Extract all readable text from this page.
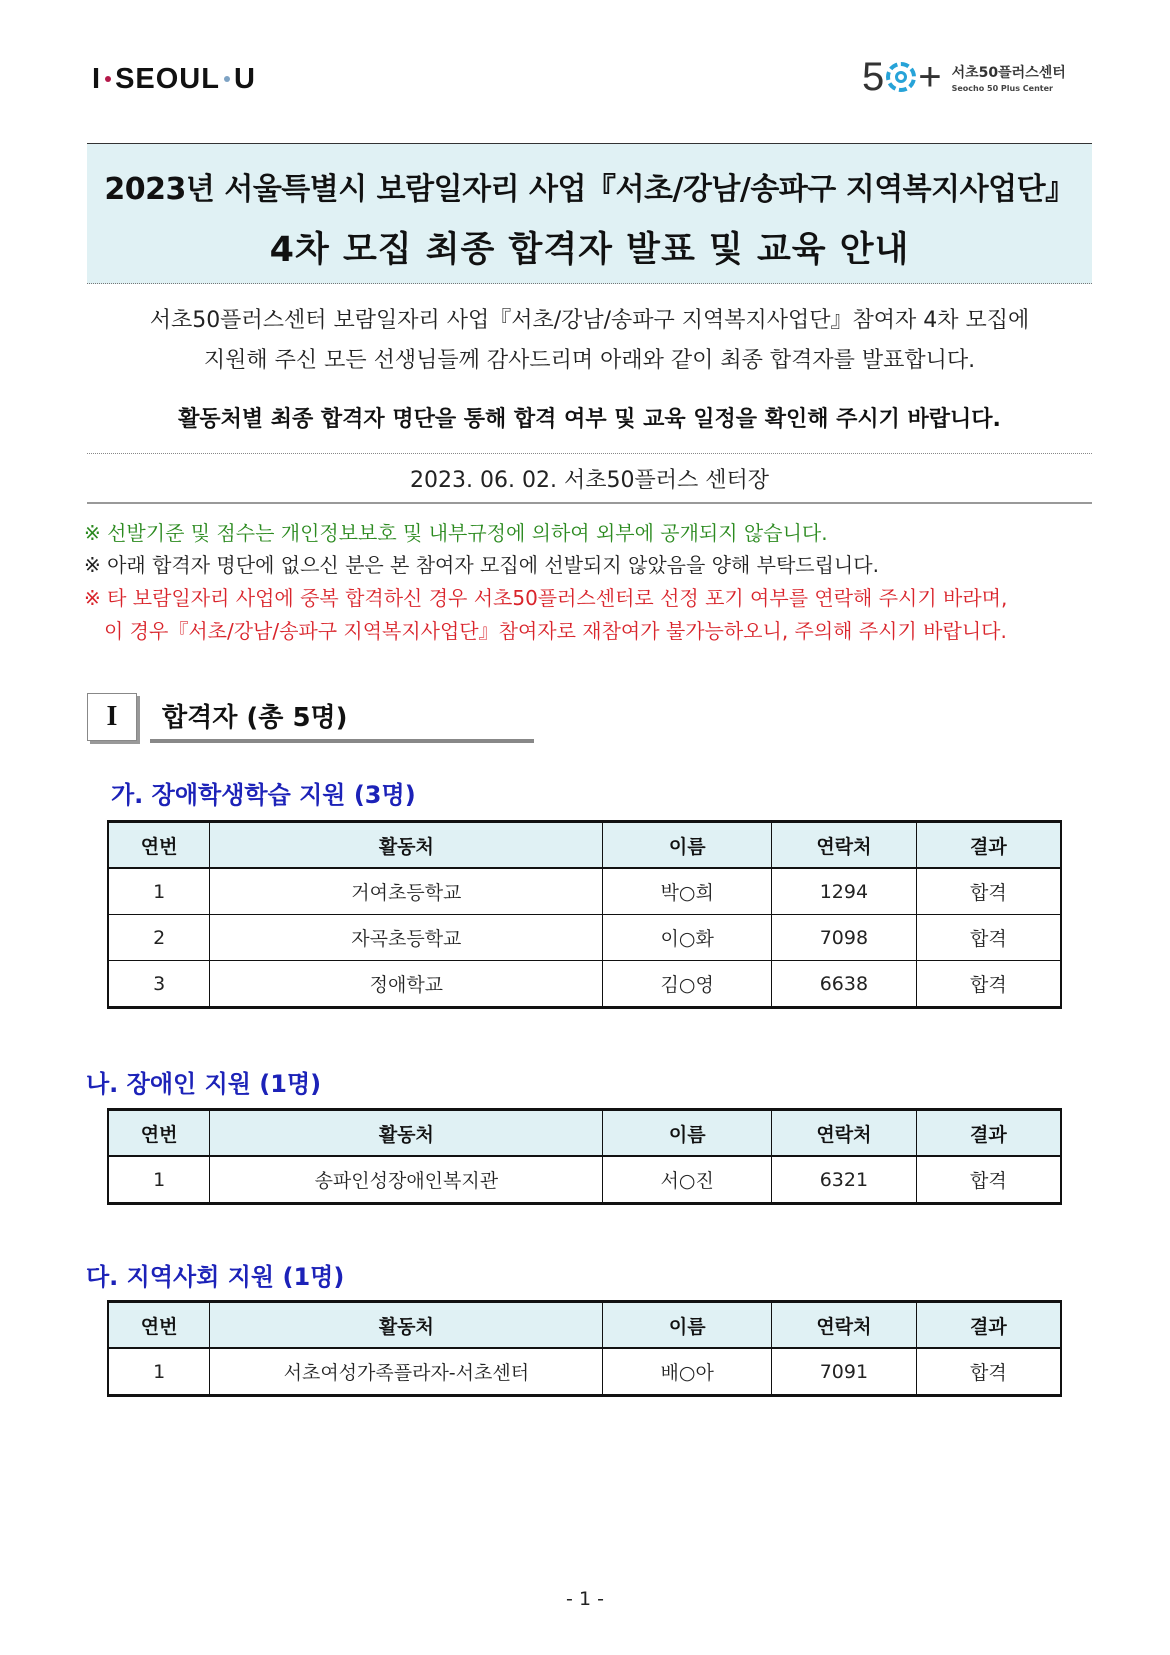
I SEOUL U	5 + 서초50플러스센터
Seocho 50 Plus Center
2023년 서울특별시 보람일자리 사업『서초/강남/송파구 지역복지사업단』
4차 모집 최종 합격자 발표 및 교육 안내
서초50플러스센터 보람일자리 사업『서초/강남/송파구 지역복지사업단』참여자 4차 모집에
지원해 주신 모든 선생님들께 감사드리며 아래와 같이 최종 합격자를 발표합니다.
활동처별 최종 합격자 명단을 통해 합격 여부 및 교육 일정을 확인해 주시기 바랍니다.
2023. 06. 02. 서초50플러스 센터장
※ 선발기준 및 점수는 개인정보보호 및 내부규정에 의하여 외부에 공개되지 않습니다.
※ 아래 합격자 명단에 없으신 분은 본 참여자 모집에 선발되지 않았음을 양해 부탁드립니다.
※ 타 보람일자리 사업에 중복 합격하신 경우 서초50플러스센터로 선정 포기 여부를 연락해 주시기 바라며,
이 경우『서초/강남/송파구 지역복지사업단』참여자로 재참여가 불가능하오니, 주의해 주시기 바랍니다.
I	합격자 (총 5명)
가. 장애학생학습 지원 (3명)
연번	활동처	이름	연락처	결과
1	거여초등학교	박○희	1294	합격
2	자곡초등학교	이○화	7098	합격
3	정애학교	김○영	6638	합격
나. 장애인 지원 (1명)
연번	활동처	이름	연락처	결과
1	송파인성장애인복지관	서○진	6321	합격
다. 지역사회 지원 (1명)
연번	활동처	이름	연락처	결과
1	서초여성가족플라자-서초센터	배○아	7091	합격
- 1 -
